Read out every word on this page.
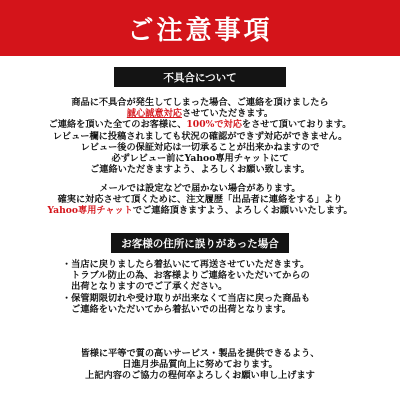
ご注意事項
不具合について
商品に不具合が発生してしまった場合、ご連絡を頂けましたら
誠心誠意対応させていただきます。
ご連絡を頂いた全てのお客様に、100%で対応をさせて頂いております。
レビュー欄に投稿されましても状況の確認ができず対応ができません。
レビュー後の保証対応は一切承ることが出来かねますので
必ずレビュー前にYahoo専用チャットにて
ご連絡いただきますよう、よろしくお願い致します。
メールでは設定などで届かない場合があります。
確実に対応させて頂くために、注文履歴「出品者に連絡をする」より
Yahoo専用チャットでご連絡頂きますよう、よろしくお願いいたします。
お客様の住所に誤りがあった場合
・当店に戻りましたら着払いにて再送させていただきます。
　トラブル防止の為、お客様よりご連絡をいただいてからの
　出荷となりますのでご了承ください。
・保管期限切れや受け取りが出来なくて当店に戻った商品も
　ご連絡をいただいてから着払いでの出荷となります。
皆様に平等で質の高いサービス・製品を提供できるよう、
日進月歩品質向上に努めております。
上記内容のご協力の程何卒よろしくお願い申し上げます
